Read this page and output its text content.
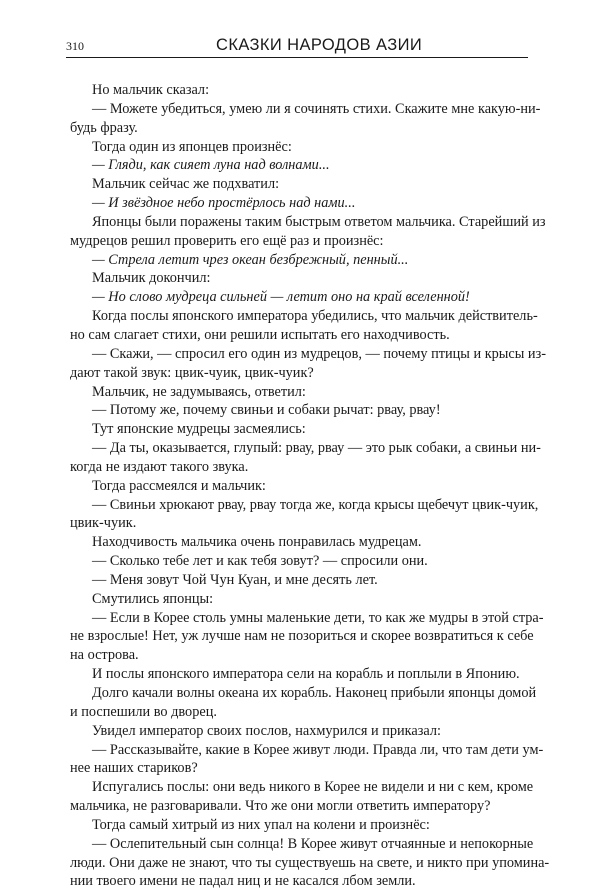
310	СКАЗКИ НАРОДОВ АЗИИ
Но мальчик сказал:
— Можете убедиться, умею ли я сочинять стихи. Скажите мне какую-ни-
будь фразу.
Тогда один из японцев произнёс:
— Гляди, как сияет луна над волнами...
Мальчик сейчас же подхватил:
— И звёздное небо простёрлось над нами...
Японцы были поражены таким быстрым ответом мальчика. Старейший из
мудрецов решил проверить его ещё раз и произнёс:
— Стрела летит чрез океан безбрежный, пенный...
Мальчик докончил:
— Но слово мудреца сильней — летит оно на край вселенной!
Когда послы японского императора убедились, что мальчик действитель-
но сам слагает стихи, они решили испытать его находчивость.
— Скажи, — спросил его один из мудрецов, — почему птицы и крысы из-
дают такой звук: цвик-чуик, цвик-чуик?
Мальчик, не задумываясь, ответил:
— Потому же, почему свиньи и собаки рычат: рвау, рвау!
Тут японские мудрецы засмеялись:
— Да ты, оказывается, глупый: рвау, рвау — это рык собаки, а свиньи ни-
когда не издают такого звука.
Тогда рассмеялся и мальчик:
— Свиньи хрюкают рвау, рвау тогда же, когда крысы щебечут цвик-чуик,
цвик-чуик.
Находчивость мальчика очень понравилась мудрецам.
— Сколько тебе лет и как тебя зовут? — спросили они.
— Меня зовут Чой Чун Куан, и мне десять лет.
Смутились японцы:
— Если в Корее столь умны маленькие дети, то как же мудры в этой стра-
не взрослые! Нет, уж лучше нам не позориться и скорее возвратиться к себе
на острова.
И послы японского императора сели на корабль и поплыли в Японию.
Долго качали волны океана их корабль. Наконец прибыли японцы домой
и поспешили во дворец.
Увидел император своих послов, нахмурился и приказал:
— Рассказывайте, какие в Корее живут люди. Правда ли, что там дети ум-
нее наших стариков?
Испугались послы: они ведь никого в Корее не видели и ни с кем, кроме
мальчика, не разговаривали. Что же они могли ответить императору?
Тогда самый хитрый из них упал на колени и произнёс:
— Ослепительный сын солнца! В Корее живут отчаянные и непокорные
люди. Они даже не знают, что ты существуешь на свете, и никто при упомина-
нии твоего имени не падал ниц и не касался лбом земли.
